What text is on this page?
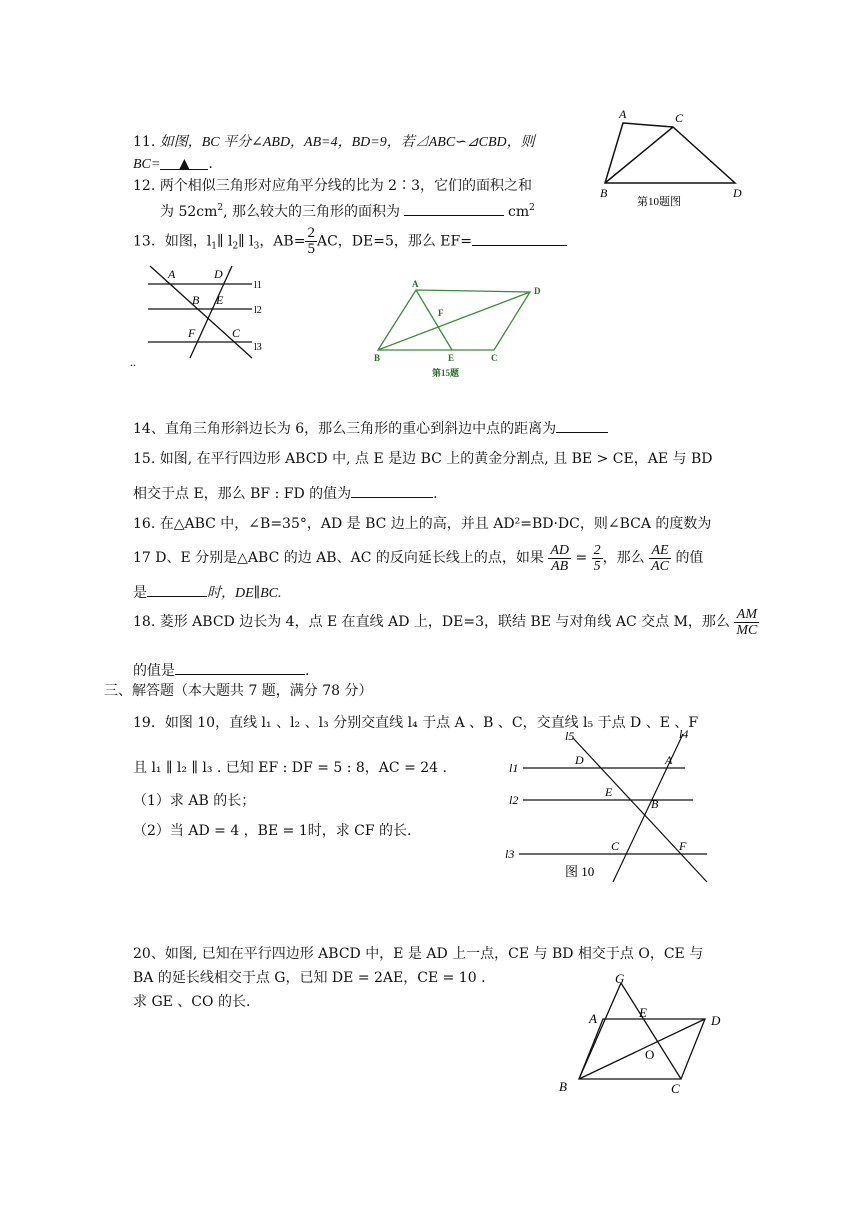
11. 如图，BC 平分∠ABD，AB=4，BD=9，若⊿ABC∽⊿CBD，则
BC= ▲ .
A	C
B	D
第10题图
12. 两个相似三角形对应角平分线的比为 2∶3，它们的面积之和
为 $52cm^2$, 那么较大的三角形的面积为	$cm^2$
13．如图，$l_1\parallel$ $l_2\parallel$ $l_3$，$AB= \frac{2}{5}$ AC，DE=5，那么 EF=
A	D
B E
F	C
l1
l2
l3
..
A
D
F
B	E	C
第15题
14、直角三角形斜边长为 6，那么三角形的重心到斜边中点的距离为
15. 如图, 在平行四边形 ABCD 中, 点 E 是边 BC 上的黄金分割点, 且 BE > CE，AE 与 BD
相交于点 E，那么 BF : FD 的值为	.
16. 在△ABC 中，∠B=35°，AD 是 BC 边上的高，并且 AD²=BD·DC，则∠BCA 的度数为
17 D、E 分别是△ABC 的边 AB、AC 的反向延长线上的点，如果 $\frac{AD}{AB} = \frac{2}{5}$ ，那么 $\frac{AE}{AC}$ 的值
是	时，DE∥BC.
18. 菱形 ABCD 边长为 4，点 E 在直线 AD 上，DE=3，联结 BE 与对角线 AC 交点 M，那么 $\frac{AM}{MC}$
的值是	.
三、解答题（本大题共 7 题，满分 78 分）
19．如图 10，直线 l₁ 、l₂ 、l₃ 分别交直线 l₄ 于点 A 、B 、C，交直线 l₅ 于点 D 、E 、F
且 l₁ ∥ l₂ ∥ l₃ . 已知 EF : DF = 5 : 8，AC = 24 .
（1）求 AB 的长；
（2）当 AD = 4 ，BE = 1时，求 CF 的长.
l5	l4
l1
D	A
l2
E
B
l3
C	F
图 10
20、如图, 已知在平行四边形 ABCD 中，E 是 AD 上一点，CE 与 BD 相交于点 O，CE 与
BA 的延长线相交于点 G，已知 DE = 2AE，CE = 10 .
求 GE 、CO 的长.
G
A	E
D
O
B	C
